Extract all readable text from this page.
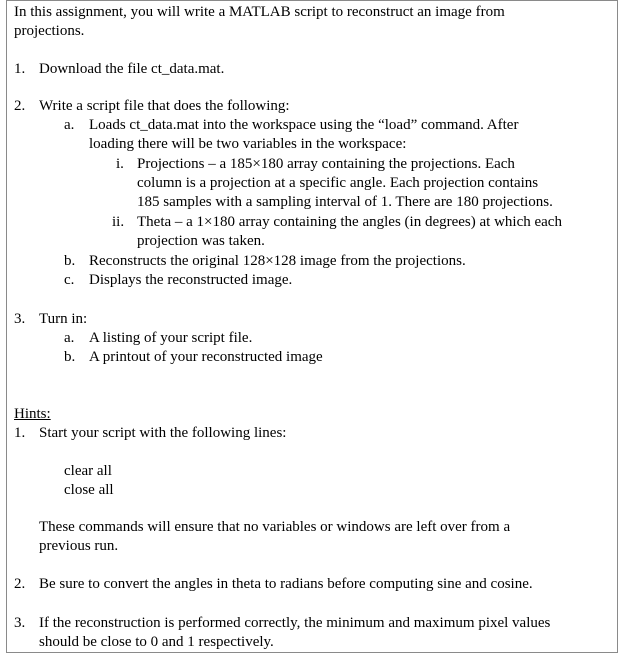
In this assignment, you will write a MATLAB script to reconstruct an image from
projections.
1. Download the file ct_data.mat.
2. Write a script file that does the following:
a. Loads ct_data.mat into the workspace using the “load” command. After
loading there will be two variables in the workspace:
i. Projections – a 185×180 array containing the projections. Each
column is a projection at a specific angle. Each projection contains
185 samples with a sampling interval of 1. There are 180 projections.
ii. Theta – a 1×180 array containing the angles (in degrees) at which each
projection was taken.
b. Reconstructs the original 128×128 image from the projections.
c. Displays the reconstructed image.
3. Turn in:
a. A listing of your script file.
b. A printout of your reconstructed image
Hints:
1. Start your script with the following lines:
clear all
close all
These commands will ensure that no variables or windows are left over from a
previous run.
2. Be sure to convert the angles in theta to radians before computing sine and cosine.
3. If the reconstruction is performed correctly, the minimum and maximum pixel values
should be close to 0 and 1 respectively.
